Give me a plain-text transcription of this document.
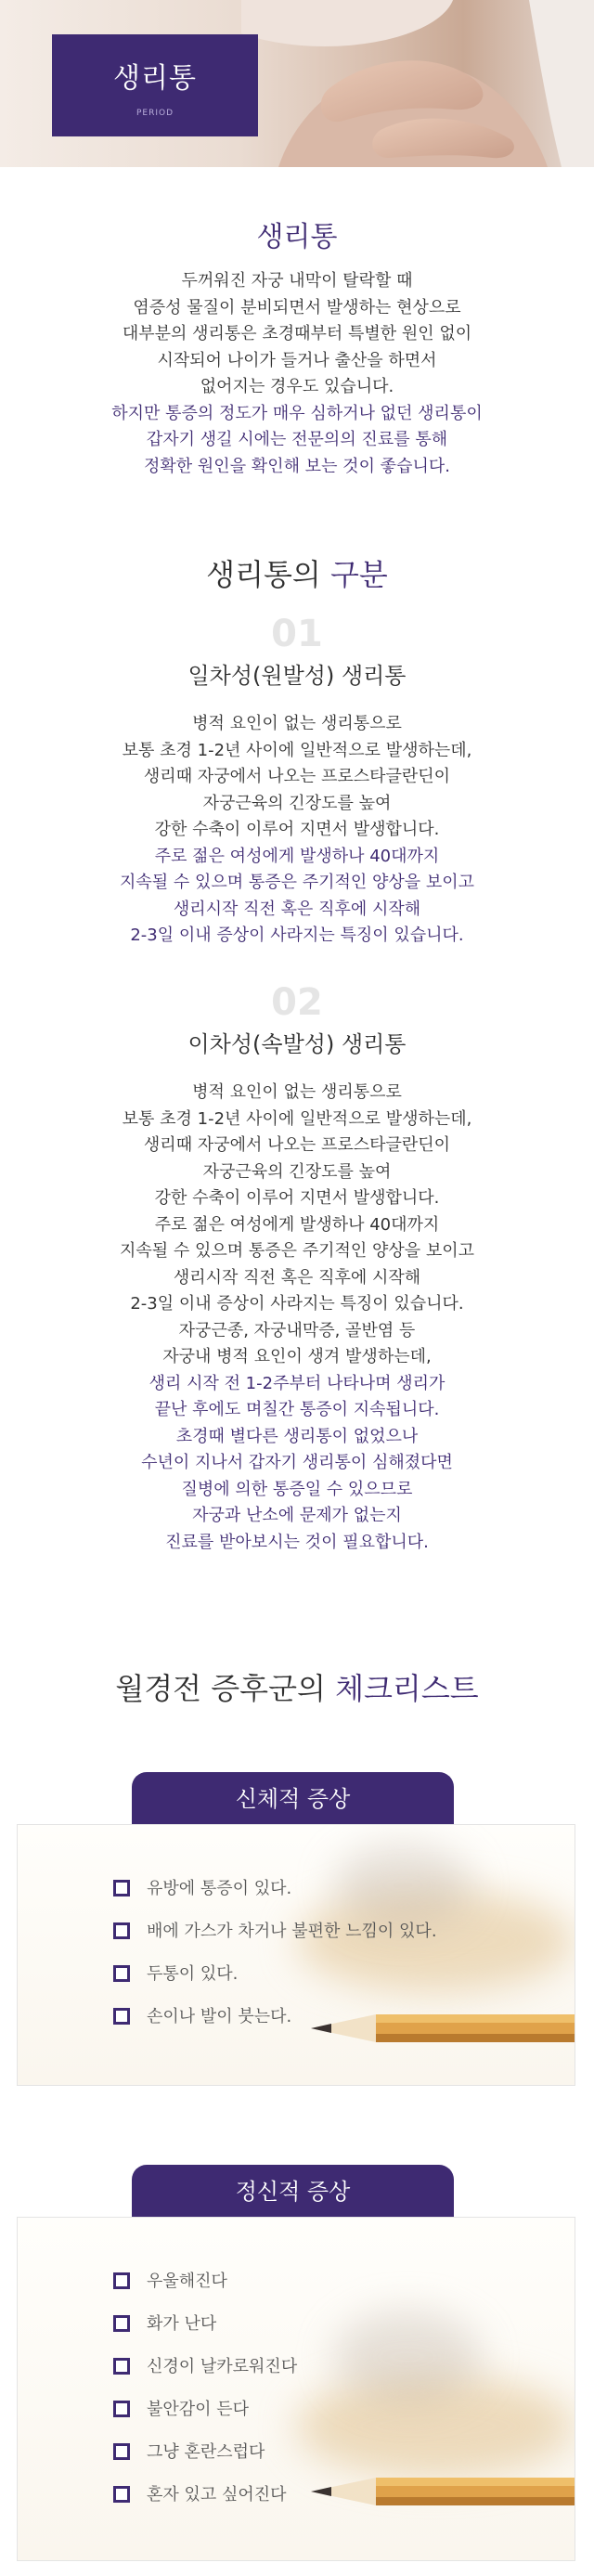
생리통
PERIOD
생리통
두꺼워진 자궁 내막이 탈락할 때
염증성 물질이 분비되면서 발생하는 현상으로
대부분의 생리통은 초경때부터 특별한 원인 없이
시작되어 나이가 들거나 출산을 하면서
없어지는 경우도 있습니다.
하지만 통증의 정도가 매우 심하거나 없던 생리통이
갑자기 생길 시에는 전문의의 진료를 통해
정확한 원인을 확인해 보는 것이 좋습니다.
생리통의 구분
01
일차성(원발성) 생리통
병적 요인이 없는 생리통으로
보통 초경 1-2년 사이에 일반적으로 발생하는데,
생리때 자궁에서 나오는 프로스타글란딘이
자궁근육의 긴장도를 높여
강한 수축이 이루어 지면서 발생합니다.
주로 젊은 여성에게 발생하나 40대까지
지속될 수 있으며 통증은 주기적인 양상을 보이고
생리시작 직전 혹은 직후에 시작해
2-3일 이내 증상이 사라지는 특징이 있습니다.
02
이차성(속발성) 생리통
병적 요인이 없는 생리통으로
보통 초경 1-2년 사이에 일반적으로 발생하는데,
생리때 자궁에서 나오는 프로스타글란딘이
자궁근육의 긴장도를 높여
강한 수축이 이루어 지면서 발생합니다.
주로 젊은 여성에게 발생하나 40대까지
지속될 수 있으며 통증은 주기적인 양상을 보이고
생리시작 직전 혹은 직후에 시작해
2-3일 이내 증상이 사라지는 특징이 있습니다.
자궁근종, 자궁내막증, 골반염 등
자궁내 병적 요인이 생겨 발생하는데,
생리 시작 전 1-2주부터 나타나며 생리가
끝난 후에도 며칠간 통증이 지속됩니다.
초경때 별다른 생리통이 없었으나
수년이 지나서 갑자기 생리통이 심해졌다면
질병에 의한 통증일 수 있으므로
자궁과 난소에 문제가 없는지
진료를 받아보시는 것이 필요합니다.
월경전 증후군의 체크리스트
신체적 증상
유방에 통증이 있다.
배에 가스가 차거나 불편한 느낌이 있다.
두통이 있다.
손이나 발이 붓는다.
정신적 증상
우울해진다
화가 난다
신경이 날카로워진다
불안감이 든다
그냥 혼란스럽다
혼자 있고 싶어진다
